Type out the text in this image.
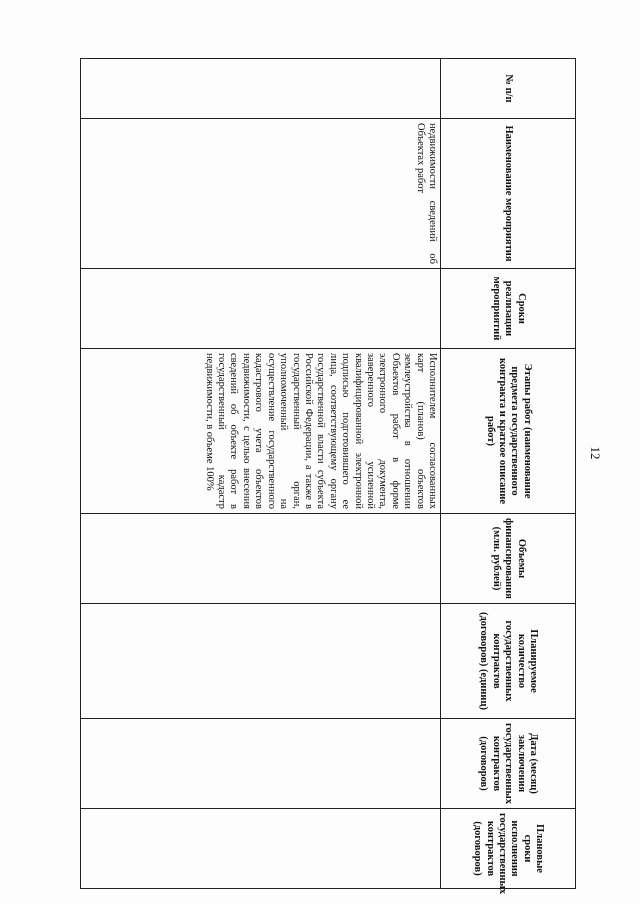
12
№ п/п	Наименование мероприятия	Сроки реализации мероприятий	Этапы работ (наименование предмета государственного контракта и краткое описание работ)	Объемы финансирования (млн. рублей)	Планируемое количество государственных контрактов (договоров) (единиц)	Дата (месяц) заключения государственных контрактов (договоров)	Плановые сроки исполнения государственных контрактов (договоров)
	недвижимости сведений об Объектах работ		Исполнителем согласованных карт (планов) объектов землеустройства в отношении Объектов работ в форме электронного документа, заверенного усиленной квалифицированной электронной подписью подготовившего ее лица, соответствующему органу государственной власти субъекта Российской Федерации, а также в государственный орган, уполномоченный на осуществление государственного кадастрового учета объектов недвижимости, с целью внесения сведений об объекте работ в государственный кадастр недвижимости, в объеме 100%				
